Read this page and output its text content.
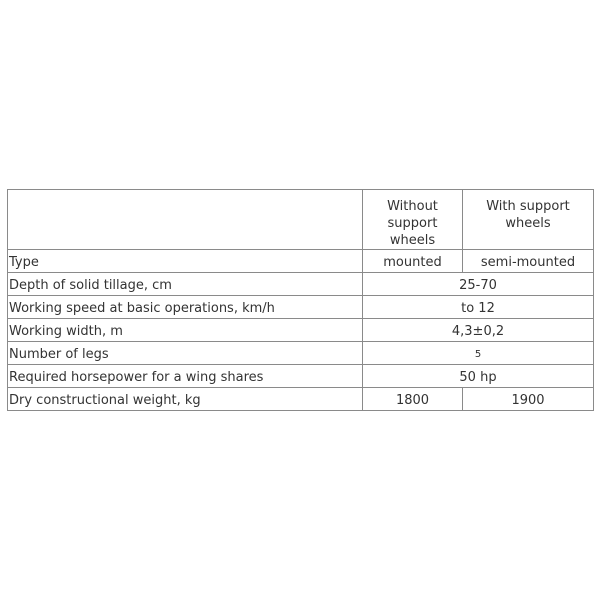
	Without support wheels	With support wheels
Type	mounted	semi-mounted
Depth of solid tillage, cm	25-70	
Working speed at basic operations, km/h	to 12	
Working width, m	4,3±0,2	
Number of legs	5	
Required horsepower for a wing shares	50 hp	
Dry constructional weight, kg	1800	1900
